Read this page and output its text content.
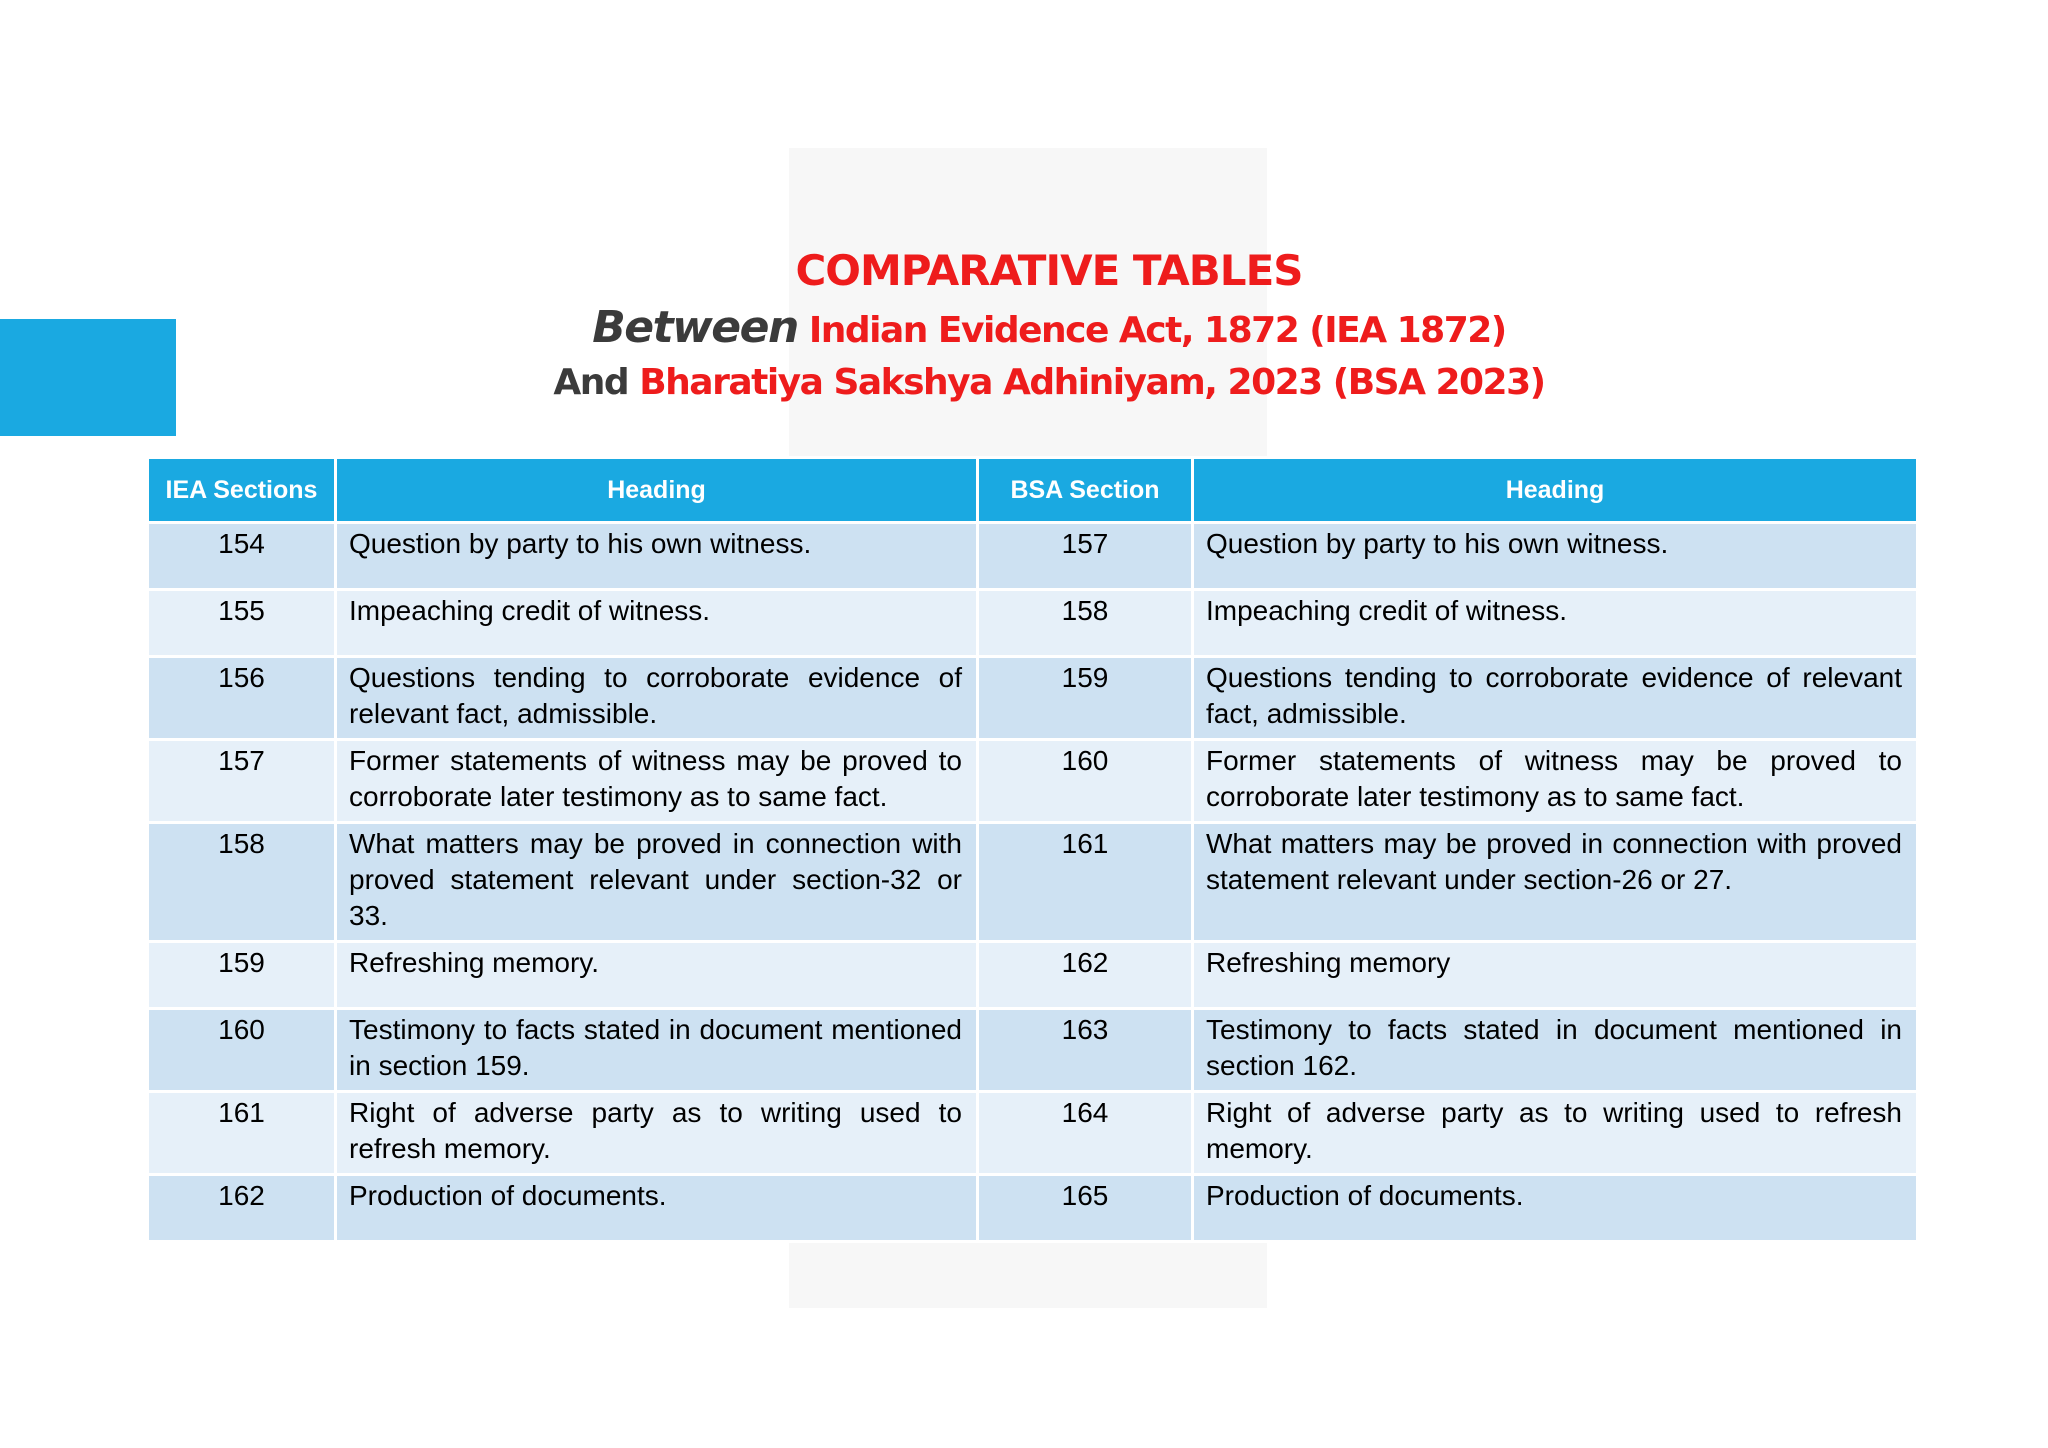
COMPARATIVE TABLES
Between Indian Evidence Act, 1872 (IEA 1872)
And Bharatiya Sakshya Adhiniyam, 2023 (BSA 2023)
IEA Sections	Heading	BSA Section	Heading
154	Question by party to his own witness.	157	Question by party to his own witness.
155	Impeaching credit of witness.	158	Impeaching credit of witness.
156	Questions tending to corroborate evidence of relevant fact, admissible.	159	Questions tending to corroborate evidence of relevant fact, admissible.
157	Former statements of witness may be proved to corroborate later testimony as to same fact.	160	Former statements of witness may be proved to corroborate later testimony as to same fact.
158	What matters may be proved in connection with proved statement relevant under section-32 or 33.	161	What matters may be proved in connection with proved statement relevant under section-26 or 27.
159	Refreshing memory.	162	Refreshing memory
160	Testimony to facts stated in document mentioned in section 159.	163	Testimony to facts stated in document mentioned in section 162.
161	Right of adverse party as to writing used to refresh memory.	164	Right of adverse party as to writing used to refresh memory.
162	Production of documents.	165	Production of documents.
